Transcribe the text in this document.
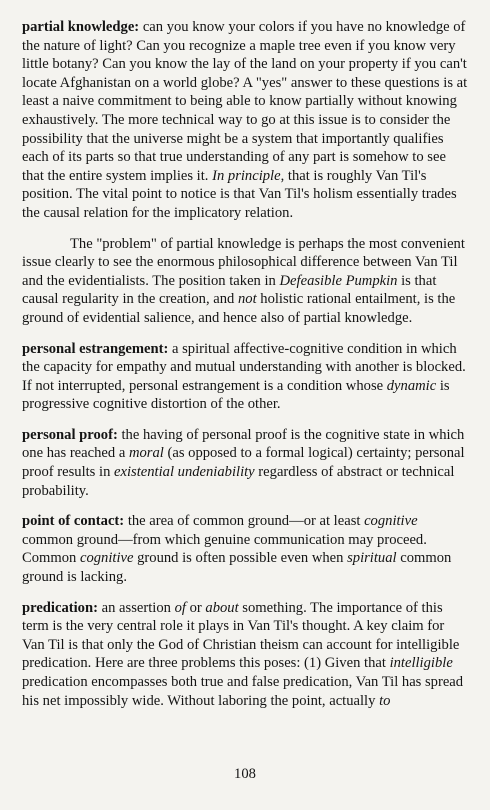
partial knowledge: can you know your colors if you have no knowledge of the nature of light? Can you recognize a maple tree even if you know very little botany? Can you know the lay of the land on your property if you can't locate Afghanistan on a world globe? A "yes" answer to these questions is at least a naive commitment to being able to know partially without knowing exhaustively. The more technical way to go at this issue is to consider the possibility that the universe might be a system that importantly qualifies each of its parts so that true understanding of any part is somehow to see that the entire system implies it. In principle, that is roughly Van Til's position. The vital point to notice is that Van Til's holism essentially trades the causal relation for the implicatory relation.

The "problem" of partial knowledge is perhaps the most convenient issue clearly to see the enormous philosophical difference between Van Til and the evidentialists. The position taken in Defeasible Pumpkin is that causal regularity in the creation, and not holistic rational entailment, is the ground of evidential salience, and hence also of partial knowledge.

personal estrangement: a spiritual affective-cognitive condition in which the capacity for empathy and mutual understanding with another is blocked. If not interrupted, personal estrangement is a condition whose dynamic is progressive cognitive distortion of the other.

personal proof: the having of personal proof is the cognitive state in which one has reached a moral (as opposed to a formal logical) certainty; personal proof results in existential undeniability regardless of abstract or technical probability.

point of contact: the area of common ground—or at least cognitive common ground—from which genuine communication may proceed. Common cognitive ground is often possible even when spiritual common ground is lacking.

predication: an assertion of or about something. The importance of this term is the very central role it plays in Van Til's thought. A key claim for Van Til is that only the God of Christian theism can account for intelligible predication. Here are three problems this poses: (1) Given that intelligible predication encompasses both true and false predication, Van Til has spread his net impossibly wide. Without laboring the point, actually to

108
